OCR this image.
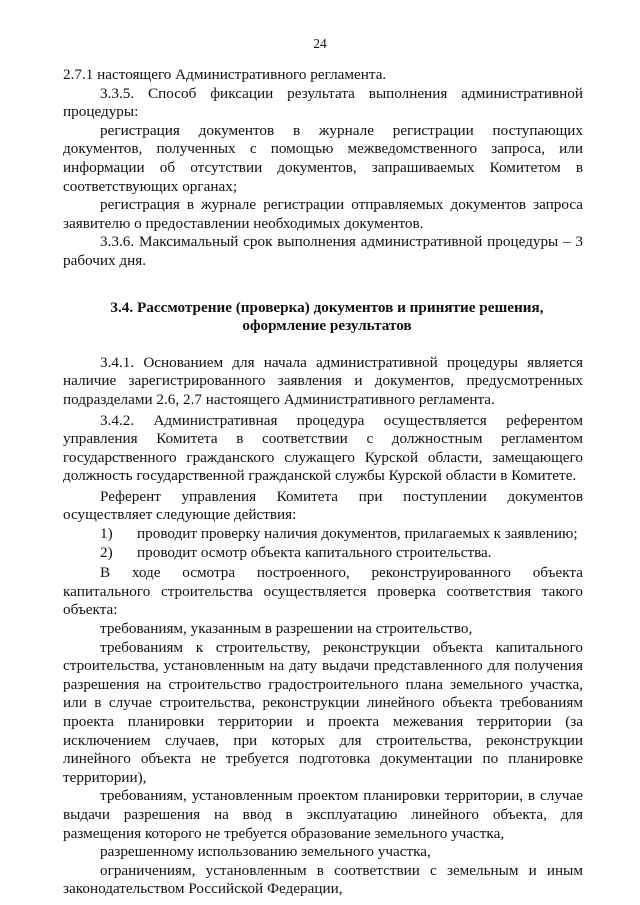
24

2.7.1 настоящего Административного регламента.

3.3.5. Способ фиксации результата выполнения административной процедуры:

регистрация документов в журнале регистрации поступающих документов, полученных с помощью межведомственного запроса, или информации об отсутствии документов, запрашиваемых Комитетом в соответствующих органах;

регистрация в журнале регистрации отправляемых документов запроса заявителю о предоставлении необходимых документов.

3.3.6. Максимальный срок выполнения административной процедуры – 3 рабочих дня.

3.4. Рассмотрение (проверка) документов и принятие решения,
оформление результатов

3.4.1. Основанием для начала административной процедуры является наличие зарегистрированного заявления и документов, предусмотренных подразделами 2.6, 2.7 настоящего Административного регламента.

3.4.2. Административная процедура осуществляется референтом управления Комитета в соответствии с должностным регламентом государственного гражданского служащего Курской области, замещающего должность государственной гражданской службы Курской области в Комитете.

Референт управления Комитета при поступлении документов осуществляет следующие действия:

1)	проводит проверку наличия документов, прилагаемых к заявлению;
2)	проводит осмотр объекта капитального строительства.

В ходе осмотра построенного, реконструированного объекта капитального строительства осуществляется проверка соответствия такого объекта:

требованиям, указанным в разрешении на строительство,

требованиям к строительству, реконструкции объекта капитального строительства, установленным на дату выдачи представленного для получения разрешения на строительство градостроительного плана земельного участка, или в случае строительства, реконструкции линейного объекта требованиям проекта планировки территории и проекта межевания территории (за исключением случаев, при которых для строительства, реконструкции линейного объекта не требуется подготовка документации по планировке территории),

требованиям, установленным проектом планировки территории, в случае выдачи разрешения на ввод в эксплуатацию линейного объекта, для размещения которого не требуется образование земельного участка,

разрешенному использованию земельного участка,

ограничениям, установленным в соответствии с земельным и иным законодательством Российской Федерации,
